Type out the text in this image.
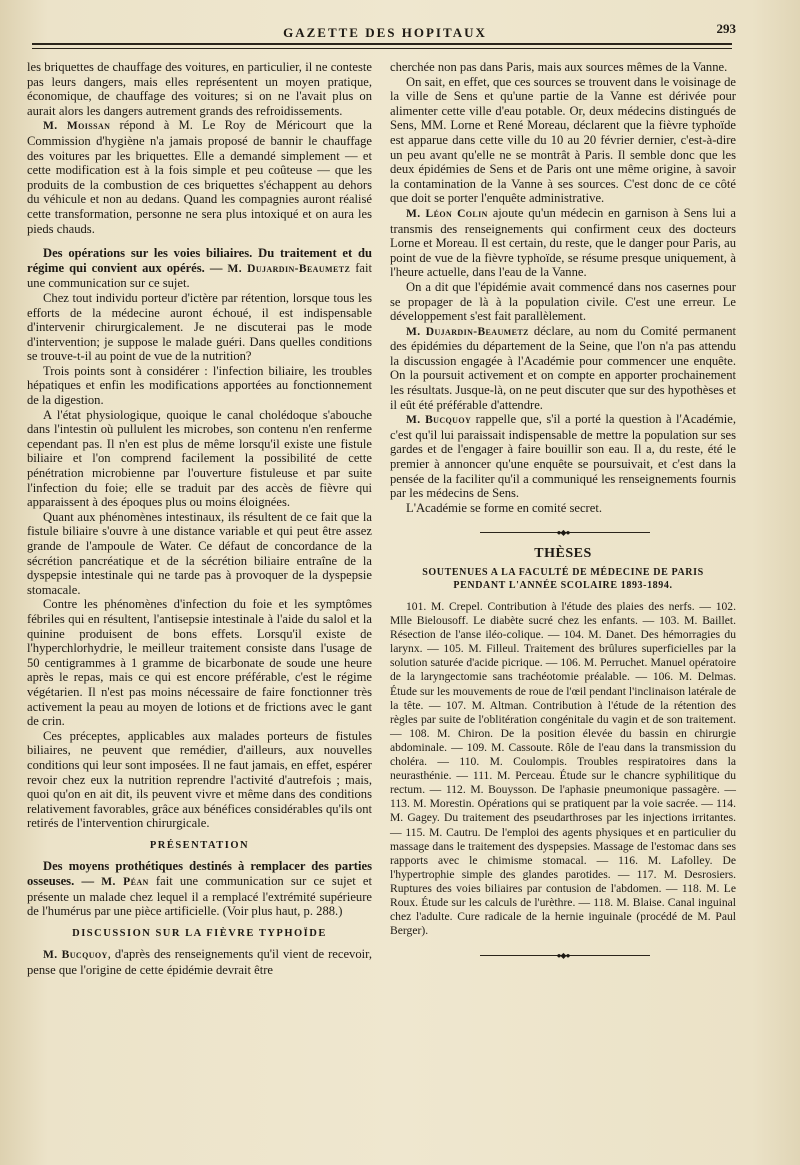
GAZETTE DES HOPITAUX	293

les briquettes de chauffage des voitures, en particulier, il ne conteste pas leurs dangers, mais elles représentent un moyen pratique, économique, de chauffage des voitures; si on ne l'avait plus on aurait alors les dangers autrement grands des refroidissements.

M. Moissan répond à M. Le Roy de Méricourt que la Commission d'hygiène n'a jamais proposé de bannir le chauffage des voitures par les briquettes. Elle a demandé simplement — et cette modification est à la fois simple et peu coûteuse — que les produits de la combustion de ces briquettes s'échappent au dehors du véhicule et non au dedans. Quand les compagnies auront réalisé cette transformation, personne ne sera plus intoxiqué et on aura les pieds chauds.

Des opérations sur les voies biliaires. Du traitement et du régime qui convient aux opérés. — M. Dujardin-Beaumetz fait une communication sur ce sujet.

Chez tout individu porteur d'ictère par rétention, lorsque tous les efforts de la médecine auront échoué, il est indispensable d'intervenir chirurgicalement. Je ne discuterai pas le mode d'intervention; je suppose le malade guéri. Dans quelles conditions se trouve-t-il au point de vue de la nutrition?

Trois points sont à considérer : l'infection biliaire, les troubles hépatiques et enfin les modifications apportées au fonctionnement de la digestion.

A l'état physiologique, quoique le canal cholédoque s'abouche dans l'intestin où pullulent les microbes, son contenu n'en renferme cependant pas. Il n'en est plus de même lorsqu'il existe une fistule biliaire et l'on comprend facilement la possibilité de cette pénétration microbienne par l'ouverture fistuleuse et par suite l'infection du foie; elle se traduit par des accès de fièvre qui apparaissent à des époques plus ou moins éloignées.

Quant aux phénomènes intestinaux, ils résultent de ce fait que la fistule biliaire s'ouvre à une distance variable et qui peut être assez grande de l'ampoule de Water. Ce défaut de concordance de la sécrétion pancréatique et de la sécrétion biliaire entraîne de la dyspepsie intestinale qui ne tarde pas à provoquer de la dyspepsie stomacale.

Contre les phénomènes d'infection du foie et les symptômes fébriles qui en résultent, l'antisepsie intestinale à l'aide du salol et la quinine produisent de bons effets. Lorsqu'il existe de l'hyperchlorhydrie, le meilleur traitement consiste dans l'usage de 50 centigrammes à 1 gramme de bicarbonate de soude une heure après le repas, mais ce qui est encore préférable, c'est le régime végétarien. Il n'est pas moins nécessaire de faire fonctionner très activement la peau au moyen de lotions et de frictions avec le gant de crin.

Ces préceptes, applicables aux malades porteurs de fistules biliaires, ne peuvent que remédier, d'ailleurs, aux nouvelles conditions qui leur sont imposées. Il ne faut jamais, en effet, espérer revoir chez eux la nutrition reprendre l'activité d'autrefois ; mais, quoi qu'on en ait dit, ils peuvent vivre et même dans des conditions relativement favorables, grâce aux bénéfices considérables qu'ils ont retirés de l'intervention chirurgicale.

PRÉSENTATION

Des moyens prothétiques destinés à remplacer des parties osseuses. — M. Péan fait une communication sur ce sujet et présente un malade chez lequel il a remplacé l'extrémité supérieure de l'humérus par une pièce artificielle. (Voir plus haut, p. 288.)

DISCUSSION SUR LA FIÈVRE TYPHOÏDE

M. Bucquoy, d'après des renseignements qu'il vient de recevoir, pense que l'origine de cette épidémie devrait être

cherchée non pas dans Paris, mais aux sources mêmes de la Vanne.

On sait, en effet, que ces sources se trouvent dans le voisinage de la ville de Sens et qu'une partie de la Vanne est dérivée pour alimenter cette ville d'eau potable. Or, deux médecins distingués de Sens, MM. Lorne et René Moreau, déclarent que la fièvre typhoïde est apparue dans cette ville du 10 au 20 février dernier, c'est-à-dire un peu avant qu'elle ne se montrât à Paris. Il semble donc que les deux épidémies de Sens et de Paris ont une même origine, à savoir la contamination de la Vanne à ses sources. C'est donc de ce côté que doit se porter l'enquête administrative.

M. Léon Colin ajoute qu'un médecin en garnison à Sens lui a transmis des renseignements qui confirment ceux des docteurs Lorne et Moreau. Il est certain, du reste, que le danger pour Paris, au point de vue de la fièvre typhoïde, se résume presque uniquement, à l'heure actuelle, dans l'eau de la Vanne.

On a dit que l'épidémie avait commencé dans nos casernes pour se propager de là à la population civile. C'est une erreur. Le développement s'est fait parallèlement.

M. Dujardin-Beaumetz déclare, au nom du Comité permanent des épidémies du département de la Seine, que l'on n'a pas attendu la discussion engagée à l'Académie pour commencer une enquête. On la poursuit activement et on compte en apporter prochainement les résultats. Jusque-là, on ne peut discuter que sur des hypothèses et il eût été préférable d'attendre.

M. Bucquoy rappelle que, s'il a porté la question à l'Académie, c'est qu'il lui paraissait indispensable de mettre la population sur ses gardes et de l'engager à faire bouillir son eau. Il a, du reste, été le premier à annoncer qu'une enquête se poursuivait, et c'est dans la pensée de la faciliter qu'il a communiqué les renseignements fournis par les médecins de Sens.

L'Académie se forme en comité secret.

●◆●
THÈSES
SOUTENUES A LA FACULTÉ DE MÉDECINE DE PARIS PENDANT L'ANNÉE SCOLAIRE 1893-1894.

101. M. Crepel. Contribution à l'étude des plaies des nerfs. — 102. Mlle Bielousoff. Le diabète sucré chez les enfants. — 103. M. Baillet. Résection de l'anse iléo-colique. — 104. M. Danet. Des hémorragies du larynx. — 105. M. Filleul. Traitement des brûlures superficielles par la solution saturée d'acide picrique. — 106. M. Perruchet. Manuel opératoire de la laryngectomie sans trachéotomie préalable. — 106. M. Delmas. Étude sur les mouvements de roue de l'œil pendant l'inclinaison latérale de la tête. — 107. M. Altman. Contribution à l'étude de la rétention des règles par suite de l'oblitération congénitale du vagin et de son traitement. — 108. M. Chiron. De la position élevée du bassin en chirurgie abdominale. — 109. M. Cassoute. Rôle de l'eau dans la transmission du choléra. — 110. M. Coulompis. Troubles respiratoires dans la neurasthénie. — 111. M. Perceau. Étude sur le chancre syphilitique du rectum. — 112. M. Bouysson. De l'aphasie pneumonique passagère. — 113. M. Morestin. Opérations qui se pratiquent par la voie sacrée. — 114. M. Gagey. Du traitement des pseudarthroses par les injections irritantes. — 115. M. Cautru. De l'emploi des agents physiques et en particulier du massage dans le traitement des dyspepsies. Massage de l'estomac dans ses rapports avec le chimisme stomacal. — 116. M. Lafolley. De l'hypertrophie simple des glandes parotides. — 117. M. Desrosiers. Ruptures des voies biliaires par contusion de l'abdomen. — 118. M. Le Roux. Étude sur les calculs de l'urèthre. — 118. M. Blaise. Canal inguinal chez l'adulte. Cure radicale de la hernie inguinale (procédé de M. Paul Berger).

●◆●
